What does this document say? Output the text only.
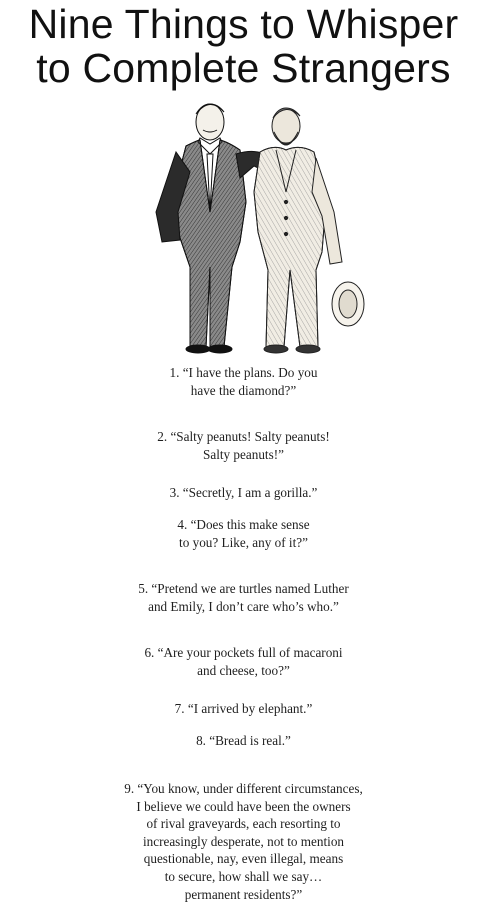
Nine Things to Whisper
to Complete Strangers
1. “I have the plans. Do you
have the diamond?”
2. “Salty peanuts! Salty peanuts!
Salty peanuts!”
3. “Secretly, I am a gorilla.”
4. “Does this make sense
to you? Like, any of it?”
5. “Pretend we are turtles named Luther
and Emily, I don’t care who’s who.”
6. “Are your pockets full of macaroni
and cheese, too?”
7. “I arrived by elephant.”
8. “Bread is real.”
9. “You know, under different circumstances,
I believe we could have been the owners
of rival graveyards, each resorting to
increasingly desperate, not to mention
questionable, nay, even illegal, means
to secure, how shall we say…
permanent residents?”
